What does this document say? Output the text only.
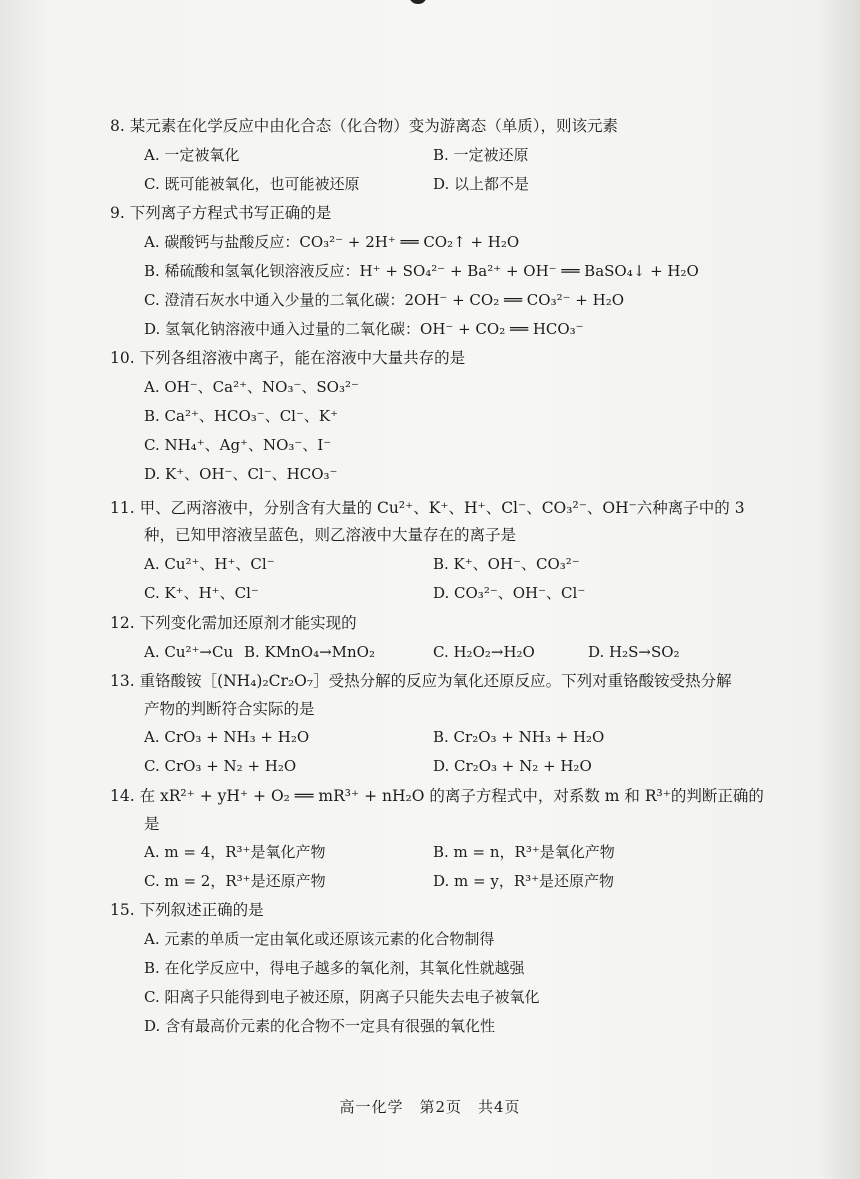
8. 某元素在化学反应中由化合态（化合物）变为游离态（单质），则该元素
A. 一定被氧化	B. 一定被还原
C. 既可能被氧化，也可能被还原	D. 以上都不是
9. 下列离子方程式书写正确的是
A. 碳酸钙与盐酸反应：CO₃²⁻ + 2H⁺ ══ CO₂↑ + H₂O
B. 稀硫酸和氢氧化钡溶液反应：H⁺ + SO₄²⁻ + Ba²⁺ + OH⁻ ══ BaSO₄↓ + H₂O
C. 澄清石灰水中通入少量的二氧化碳：2OH⁻ + CO₂ ══ CO₃²⁻ + H₂O
D. 氢氧化钠溶液中通入过量的二氧化碳：OH⁻ + CO₂ ══ HCO₃⁻
10. 下列各组溶液中离子，能在溶液中大量共存的是
A. OH⁻、Ca²⁺、NO₃⁻、SO₃²⁻
B. Ca²⁺、HCO₃⁻、Cl⁻、K⁺
C. NH₄⁺、Ag⁺、NO₃⁻、I⁻
D. K⁺、OH⁻、Cl⁻、HCO₃⁻
11. 甲、乙两溶液中，分别含有大量的 Cu²⁺、K⁺、H⁺、Cl⁻、CO₃²⁻、OH⁻六种离子中的 3
种，已知甲溶液呈蓝色，则乙溶液中大量存在的离子是
A. Cu²⁺、H⁺、Cl⁻	B. K⁺、OH⁻、CO₃²⁻
C. K⁺、H⁺、Cl⁻	D. CO₃²⁻、OH⁻、Cl⁻
12. 下列变化需加还原剂才能实现的
A. Cu²⁺→Cu B. KMnO₄→MnO₂	C. H₂O₂→H₂O	D. H₂S→SO₂
13. 重铬酸铵［(NH₄)₂Cr₂O₇］受热分解的反应为氧化还原反应。下列对重铬酸铵受热分解
产物的判断符合实际的是
A. CrO₃ + NH₃ + H₂O	B. Cr₂O₃ + NH₃ + H₂O
C. CrO₃ + N₂ + H₂O	D. Cr₂O₃ + N₂ + H₂O
14. 在 xR²⁺ + yH⁺ + O₂ ══ mR³⁺ + nH₂O 的离子方程式中，对系数 m 和 R³⁺的判断正确的
是
A. m = 4，R³⁺是氧化产物	B. m = n，R³⁺是氧化产物
C. m = 2，R³⁺是还原产物	D. m = y，R³⁺是还原产物
15. 下列叙述正确的是
A. 元素的单质一定由氧化或还原该元素的化合物制得
B. 在化学反应中，得电子越多的氧化剂，其氧化性就越强
C. 阳离子只能得到电子被还原，阴离子只能失去电子被氧化
D. 含有最高价元素的化合物不一定具有很强的氧化性
高一化学　第2页　共4页
